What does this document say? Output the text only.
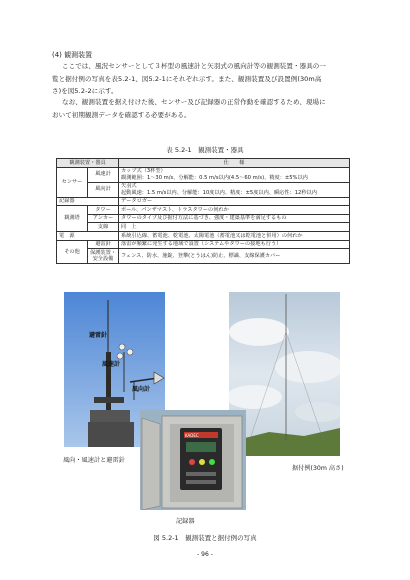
(4) 観測装置
ここでは、風況センサーとして３杯型の風速計と矢羽式の風向計等の観測装置・器具の一
覧と据付例の写真を表5.2-1、図5.2-1にそれぞれ示す。また、観測装置及び設置例(30m高
さ)を図5.2-2に示す。
なお、観測装置を据え付けた後、センサー及び記録器の正常作動を確認するため、現場に
おいて初期観測データを確認する必要がある。
表 5.2-1　観測装置・器具
観測装置・器具		仕　　様
センサー	風速計	カップ式（3杯型）
観測範囲：1～30 m/s、分解能：0.5 m/s以内(4.5～60 m/s)、精度：±5%以内

	風向計	矢羽式
起動風速：1.5 m/s以内、分解能：10度以内、精度：±5度以内、瞬応性：12秒以内

記録器		データロガー
観測塔	タワー	ポール、パンザマスト、トラスタワーの何れか
	アンカー	タワーのタイプ及び据付方法に基づき、強度・建築基準を満足するもの
	支線	同　上
電　源		系統引込線、蓄電池、乾電池、太陽電池（蓄電池又は乾電池と併用）の何れか
その他	避雷針	落雷が頻繁に発生する地域で設置（システムやタワーの接地も行う）

	保護装置・
安全設備	フェンス、防水、施錠、登攀(とうはん)防止、標識、支線保護カバー
避雷針
風速計
風向計
KADEC
風向・風速計と避雷針
据付例(30m 高さ)
記録器
図 5.2-1　観測装置と据付例の写真
- 96 -
